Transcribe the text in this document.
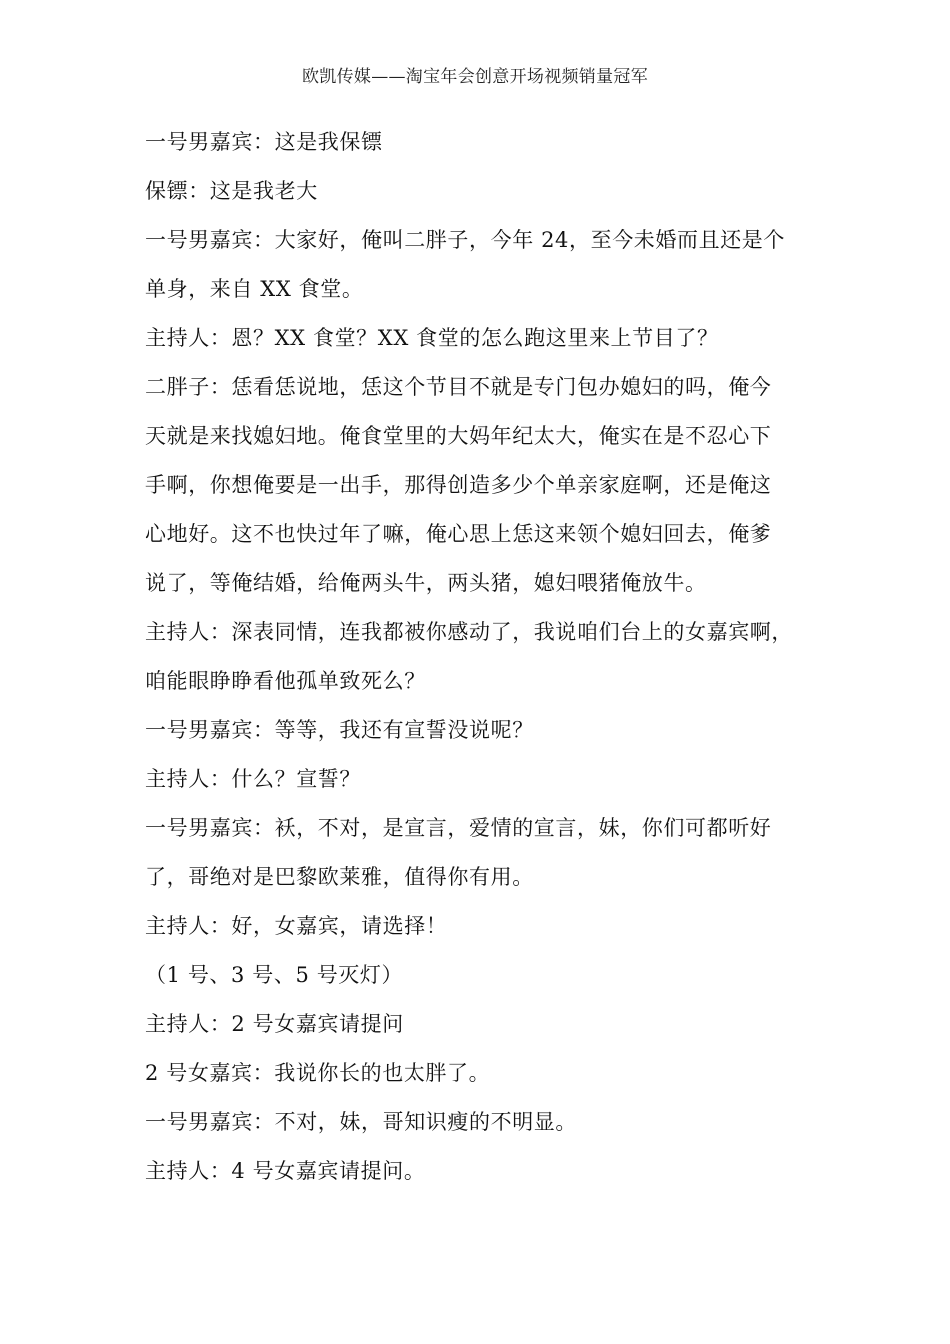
欧凯传媒——淘宝年会创意开场视频销量冠军
一号男嘉宾：这是我保镖
保镖：这是我老大
一号男嘉宾：大家好，俺叫二胖子，今年 24，至今未婚而且还是个
单身，来自 XX 食堂。
主持人：恩？XX 食堂？XX 食堂的怎么跑这里来上节目了？
二胖子：恁看恁说地，恁这个节目不就是专门包办媳妇的吗，俺今
天就是来找媳妇地。俺食堂里的大妈年纪太大，俺实在是不忍心下
手啊，你想俺要是一出手，那得创造多少个单亲家庭啊，还是俺这
心地好。这不也快过年了嘛，俺心思上恁这来领个媳妇回去，俺爹
说了，等俺结婚，给俺两头牛，两头猪，媳妇喂猪俺放牛。
主持人：深表同情，连我都被你感动了，我说咱们台上的女嘉宾啊，
咱能眼睁睁看他孤单致死么？
一号男嘉宾：等等，我还有宣誓没说呢？
主持人：什么？宣誓？
一号男嘉宾：袄，不对，是宣言，爱情的宣言，妹，你们可都听好
了，哥绝对是巴黎欧莱雅，值得你有用。
主持人：好，女嘉宾，请选择！
（1 号、3 号、5 号灭灯）
主持人：2 号女嘉宾请提问
2 号女嘉宾：我说你长的也太胖了。
一号男嘉宾：不对，妹，哥知识瘦的不明显。
主持人：4 号女嘉宾请提问。
